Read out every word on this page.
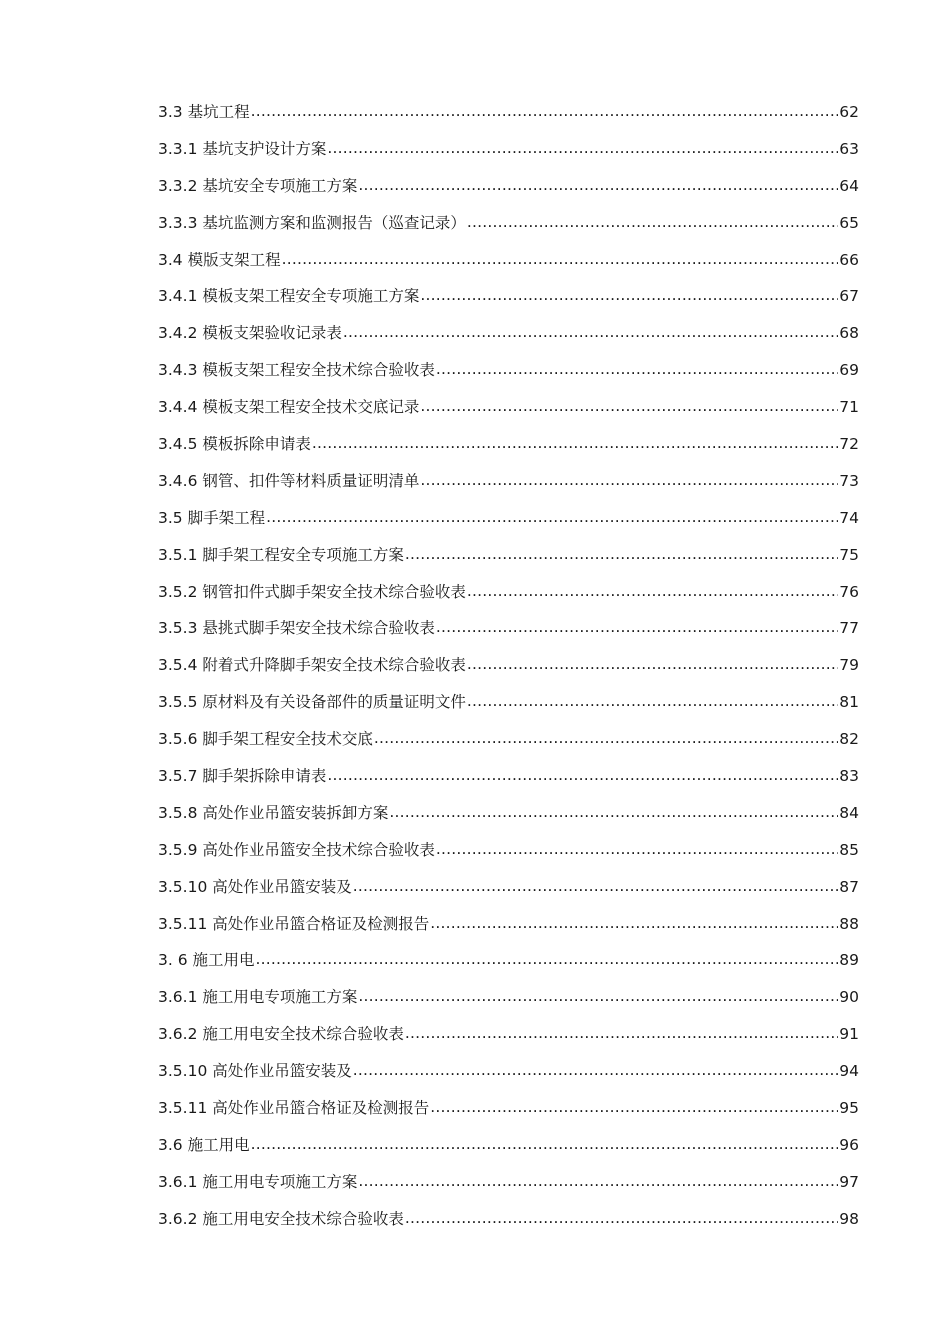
3.3 基坑工程 .....	62
3.3.1 基坑支护设计方案 .....	63
3.3.2 基坑安全专项施工方案 .....	64
3.3.3 基坑监测方案和监测报告（巡查记录） .....	65
3.4 模版支架工程 .....	66
3.4.1 模板支架工程安全专项施工方案 .....	67
3.4.2 模板支架验收记录表 .....	68
3.4.3 模板支架工程安全技术综合验收表 .....	69
3.4.4 模板支架工程安全技术交底记录 .....	71
3.4.5 模板拆除申请表 .....	72
3.4.6 钢管、扣件等材料质量证明清单 .....	73
3.5 脚手架工程 .....	74
3.5.1 脚手架工程安全专项施工方案 .....	75
3.5.2 钢管扣件式脚手架安全技术综合验收表 .....	76
3.5.3 悬挑式脚手架安全技术综合验收表 .....	77
3.5.4 附着式升降脚手架安全技术综合验收表 .....	79
3.5.5 原材料及有关设备部件的质量证明文件 .....	81
3.5.6 脚手架工程安全技术交底 .....	82
3.5.7 脚手架拆除申请表 .....	83
3.5.8 高处作业吊篮安装拆卸方案 .....	84
3.5.9 高处作业吊篮安全技术综合验收表 .....	85
3.5.10 高处作业吊篮安装及 .....	87
3.5.11 高处作业吊篮合格证及检测报告 .....	88
3. 6 施工用电 .....	89
3.6.1 施工用电专项施工方案 .....	90
3.6.2 施工用电安全技术综合验收表 .....	91
3.5.10 高处作业吊篮安装及 .....	94
3.5.11 高处作业吊篮合格证及检测报告 .....	95
3.6 施工用电 .....	96
3.6.1 施工用电专项施工方案 .....	97
3.6.2 施工用电安全技术综合验收表 .....	98
